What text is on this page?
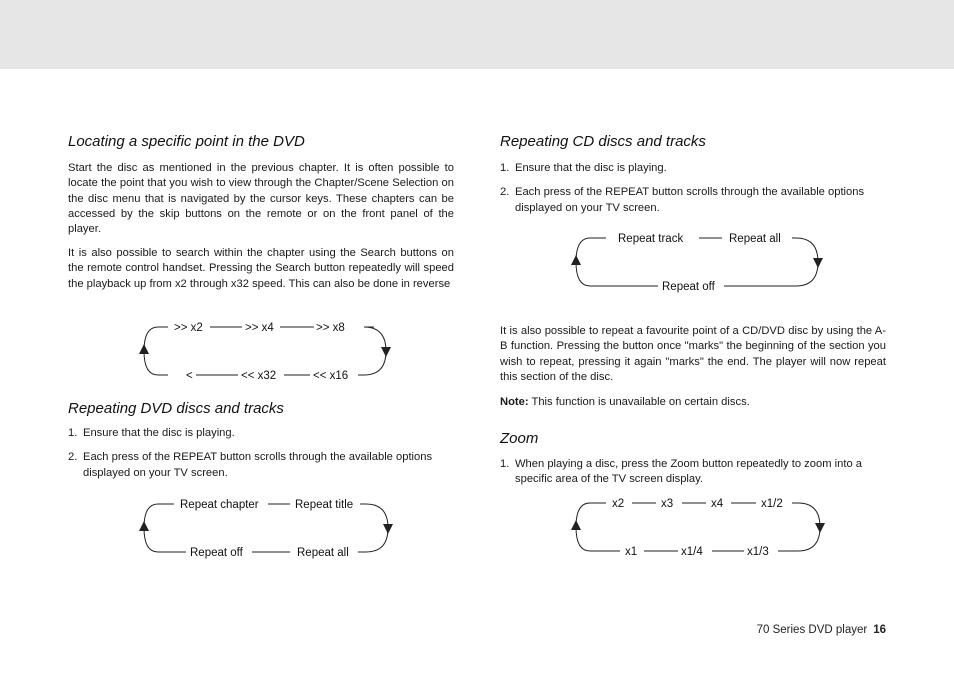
Locating a specific point in the DVD

Start the disc as mentioned in the previous chapter. It is often possible to locate the point that you wish to view through the Chapter/Scene Selection on the disc menu that is navigated by the cursor keys. These chapters can be accessed by the skip buttons on the remote or on the front panel of the player.

It is also possible to search within the chapter using the Search buttons on the remote control handset. Pressing the Search button repeatedly will speed the playback up from x2 through x32 speed. This can also be done in reverse

>> x2	>> x4	>> x8
<	<< x32	<< x16
Repeating DVD discs and tracks
1. Ensure that the disc is playing.
2. Each press of the REPEAT button scrolls through the available options displayed on your TV screen.
Repeat chapter	Repeat title
Repeat off	Repeat all
Repeating CD discs and tracks
1. Ensure that the disc is playing.
2. Each press of the REPEAT button scrolls through the available options displayed on your TV screen.
Repeat track	Repeat all
Repeat off

It is also possible to repeat a favourite point of a CD/DVD disc by using the A-B function. Pressing the button once "marks" the beginning of the section you wish to repeat, pressing it again "marks" the end. The player will now repeat this section of the disc.

Note: This function is unavailable on certain discs.

Zoom
1. When playing a disc, press the Zoom button repeatedly to zoom into a specific area of the TV screen display.
x2	x3	x4	x1/2
x1	x1/4	x1/3
70 Series DVD player 16
